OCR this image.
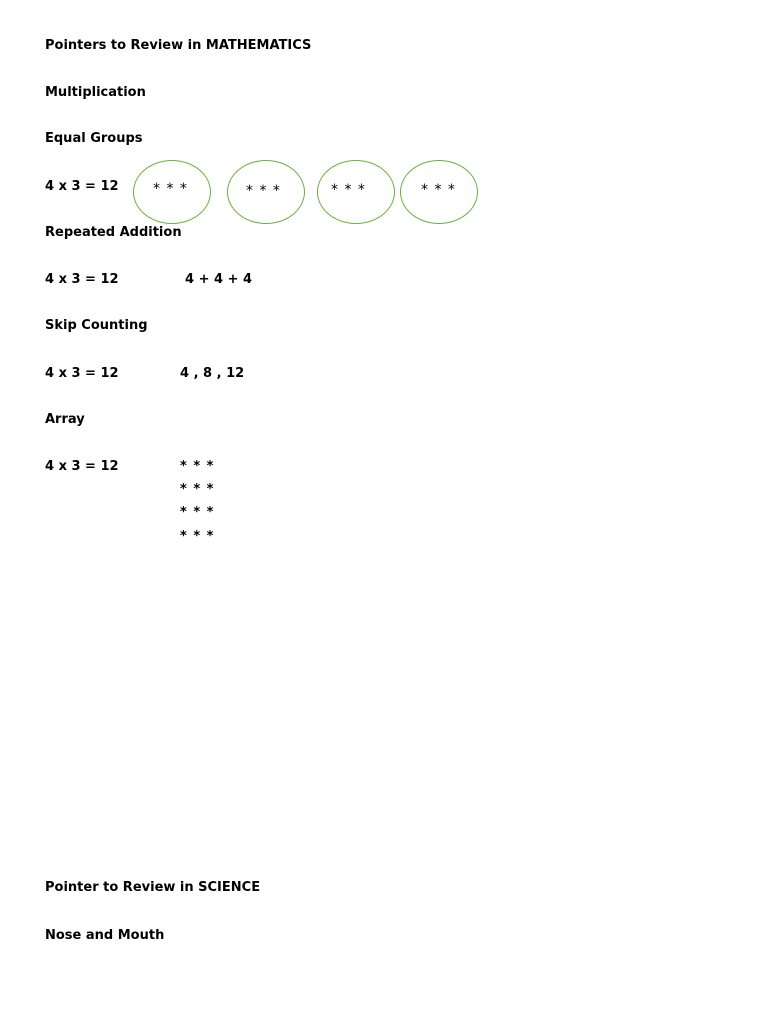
Pointers to Review in MATHEMATICS
Multiplication
Equal Groups
4 x 3 = 12 * * *	* * *	* * *	* * *
Repeated Addition
4 x 3 = 12	4 + 4 + 4
Skip Counting
4 x 3 = 12	4 , 8 , 12
Array
4 x 3 = 12	* * *
* * *
* * *
* * *
Pointer to Review in SCIENCE
Nose and Mouth
